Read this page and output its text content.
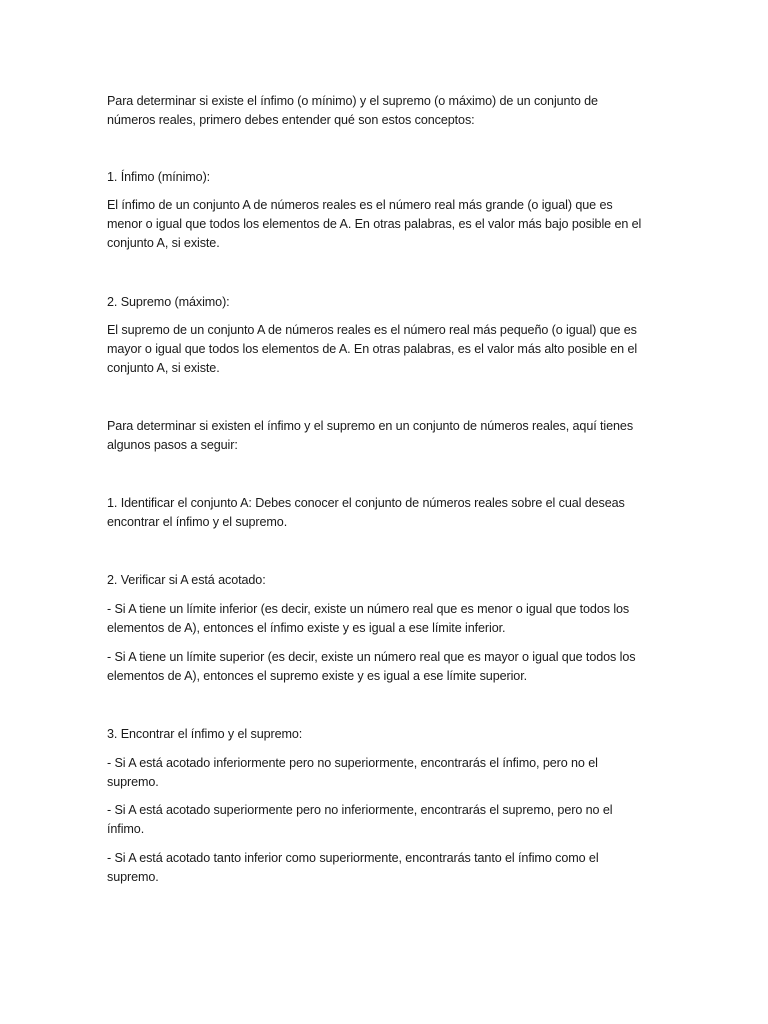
Para determinar si existe el ínfimo (o mínimo) y el supremo (o máximo) de un conjunto de
números reales, primero debes entender qué son estos conceptos:
1. Ínfimo (mínimo):
El ínfimo de un conjunto A de números reales es el número real más grande (o igual) que es
menor o igual que todos los elementos de A. En otras palabras, es el valor más bajo posible en el
conjunto A, si existe.
2. Supremo (máximo):
El supremo de un conjunto A de números reales es el número real más pequeño (o igual) que es
mayor o igual que todos los elementos de A. En otras palabras, es el valor más alto posible en el
conjunto A, si existe.
Para determinar si existen el ínfimo y el supremo en un conjunto de números reales, aquí tienes
algunos pasos a seguir:
1. Identificar el conjunto A: Debes conocer el conjunto de números reales sobre el cual deseas
encontrar el ínfimo y el supremo.
2. Verificar si A está acotado:
- Si A tiene un límite inferior (es decir, existe un número real que es menor o igual que todos los
elementos de A), entonces el ínfimo existe y es igual a ese límite inferior.
- Si A tiene un límite superior (es decir, existe un número real que es mayor o igual que todos los
elementos de A), entonces el supremo existe y es igual a ese límite superior.
3. Encontrar el ínfimo y el supremo:
- Si A está acotado inferiormente pero no superiormente, encontrarás el ínfimo, pero no el
supremo.
- Si A está acotado superiormente pero no inferiormente, encontrarás el supremo, pero no el
ínfimo.
- Si A está acotado tanto inferior como superiormente, encontrarás tanto el ínfimo como el
supremo.
